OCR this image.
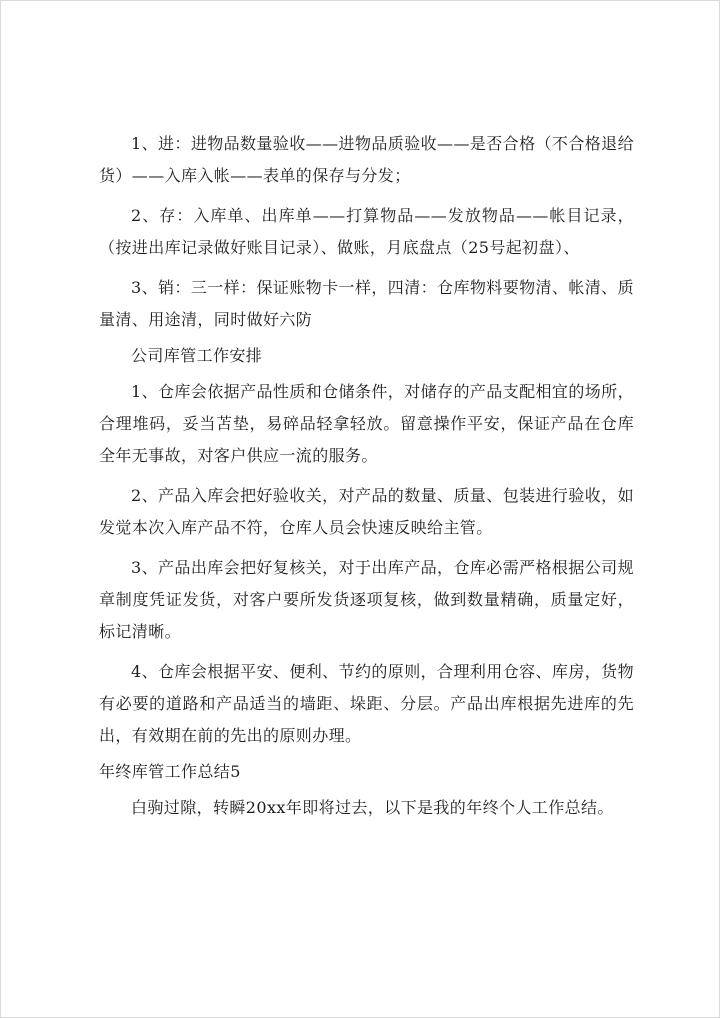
1、进：进物品数量验收——进物品质验收——是否合格（不合格退给货）——入库入帐——表单的保存与分发；

2、存：入库单、出库单——打算物品——发放物品——帐目记录，（按进出库记录做好账目记录）、做账，月底盘点（25号起初盘）、

3、销：三一样：保证账物卡一样，四清：仓库物料要物清、帐清、质量清、用途清，同时做好六防

公司库管工作安排

1、仓库会依据产品性质和仓储条件，对储存的产品支配相宜的场所，合理堆码，妥当苫垫，易碎品轻拿轻放。留意操作平安，保证产品在仓库全年无事故，对客户供应一流的服务。

2、产品入库会把好验收关，对产品的数量、质量、包装进行验收，如发觉本次入库产品不符，仓库人员会快速反映给主管。

3、产品出库会把好复核关，对于出库产品，仓库必需严格根据公司规章制度凭证发货，对客户要所发货逐项复核，做到数量精确，质量定好，标记清晰。

4、仓库会根据平安、便利、节约的原则，合理利用仓容、库房，货物有必要的道路和产品适当的墙距、垛距、分层。产品出库根据先进库的先出，有效期在前的先出的原则办理。

年终库管工作总结5

白驹过隙，转瞬20xx年即将过去，以下是我的年终个人工作总结。
